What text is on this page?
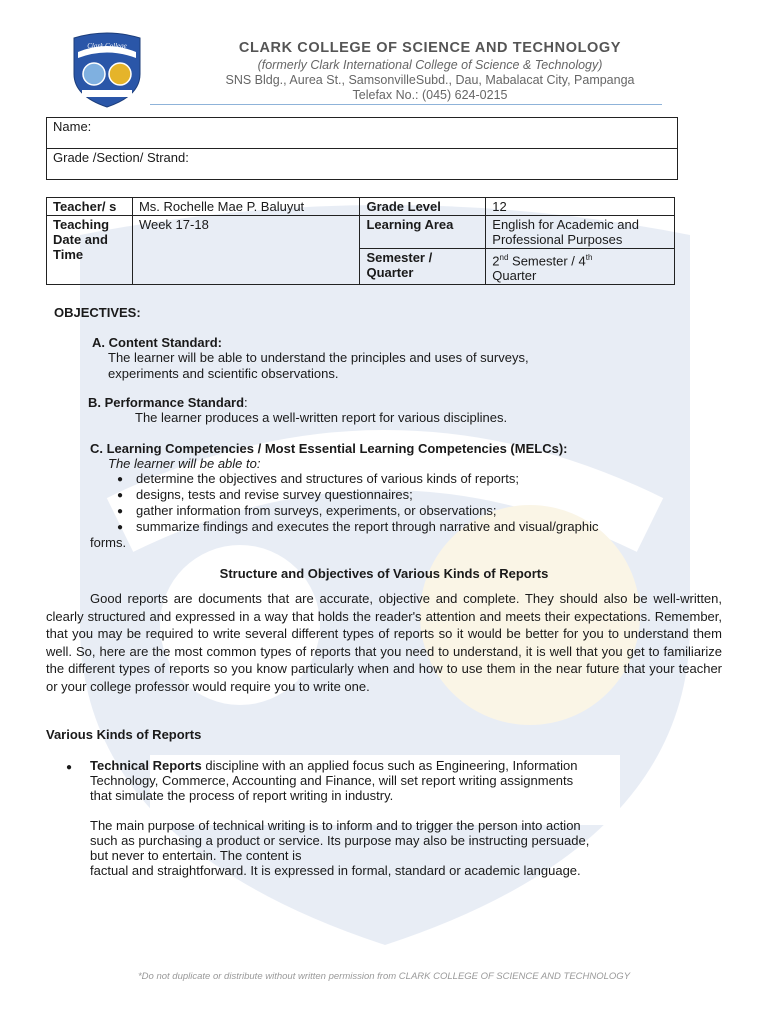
Clark College	CLARK COLLEGE OF SCIENCE AND TECHNOLOGY
(formerly Clark International College of Science & Technology)
SNS Bldg., Aurea St., SamsonvilleSubd., Dau, Mabalacat City, Pampanga
Telefax No.: (045) 624-0215
Name:
Grade /Section/ Strand:
Teacher/ s	Ms. Rochelle Mae P. Baluyut	Grade Level	12
Teaching Date and Time	Week 17-18	Learning Area	English for Academic and Professional Purposes
		Semester / Quarter	2nd Semester / 4th
Quarter
OBJECTIVES:
A. Content Standard:
The learner will be able to understand the principles and uses of surveys,
experiments and scientific observations.
B. Performance Standard:
The learner produces a well-written report for various disciplines.
C. Learning Competencies / Most Essential Learning Competencies (MELCs):
The learner will be able to:
● determine the objectives and structures of various kinds of reports;
● designs, tests and revise survey questionnaires;
● gather information from surveys, experiments, or observations;
● summarize findings and executes the report through narrative and visual/graphic
forms.
Structure and Objectives of Various Kinds of Reports
Good reports are documents that are accurate, objective and complete. They should also be well-written, clearly structured and expressed in a way that holds the reader's attention and meets their expectations. Remember, that you may be required to write several different types of reports so it would be better for you to understand them well. So, here are the most common types of reports that you need to understand, it is well that you get to familiarize the different types of reports so you know particularly when and how to use them in the near future that your teacher or your college professor would require you to write one.
Various Kinds of Reports
● Technical Reports discipline with an applied focus such as Engineering, Information
Technology, Commerce, Accounting and Finance, will set report writing assignments
that simulate the process of report writing in industry.
The main purpose of technical writing is to inform and to trigger the person into action
such as purchasing a product or service. Its purpose may also be instructing persuade,
but never to entertain. The content is
factual and straightforward. It is expressed in formal, standard or academic language.
*Do not duplicate or distribute without written permission from CLARK COLLEGE OF SCIENCE AND TECHNOLOGY
